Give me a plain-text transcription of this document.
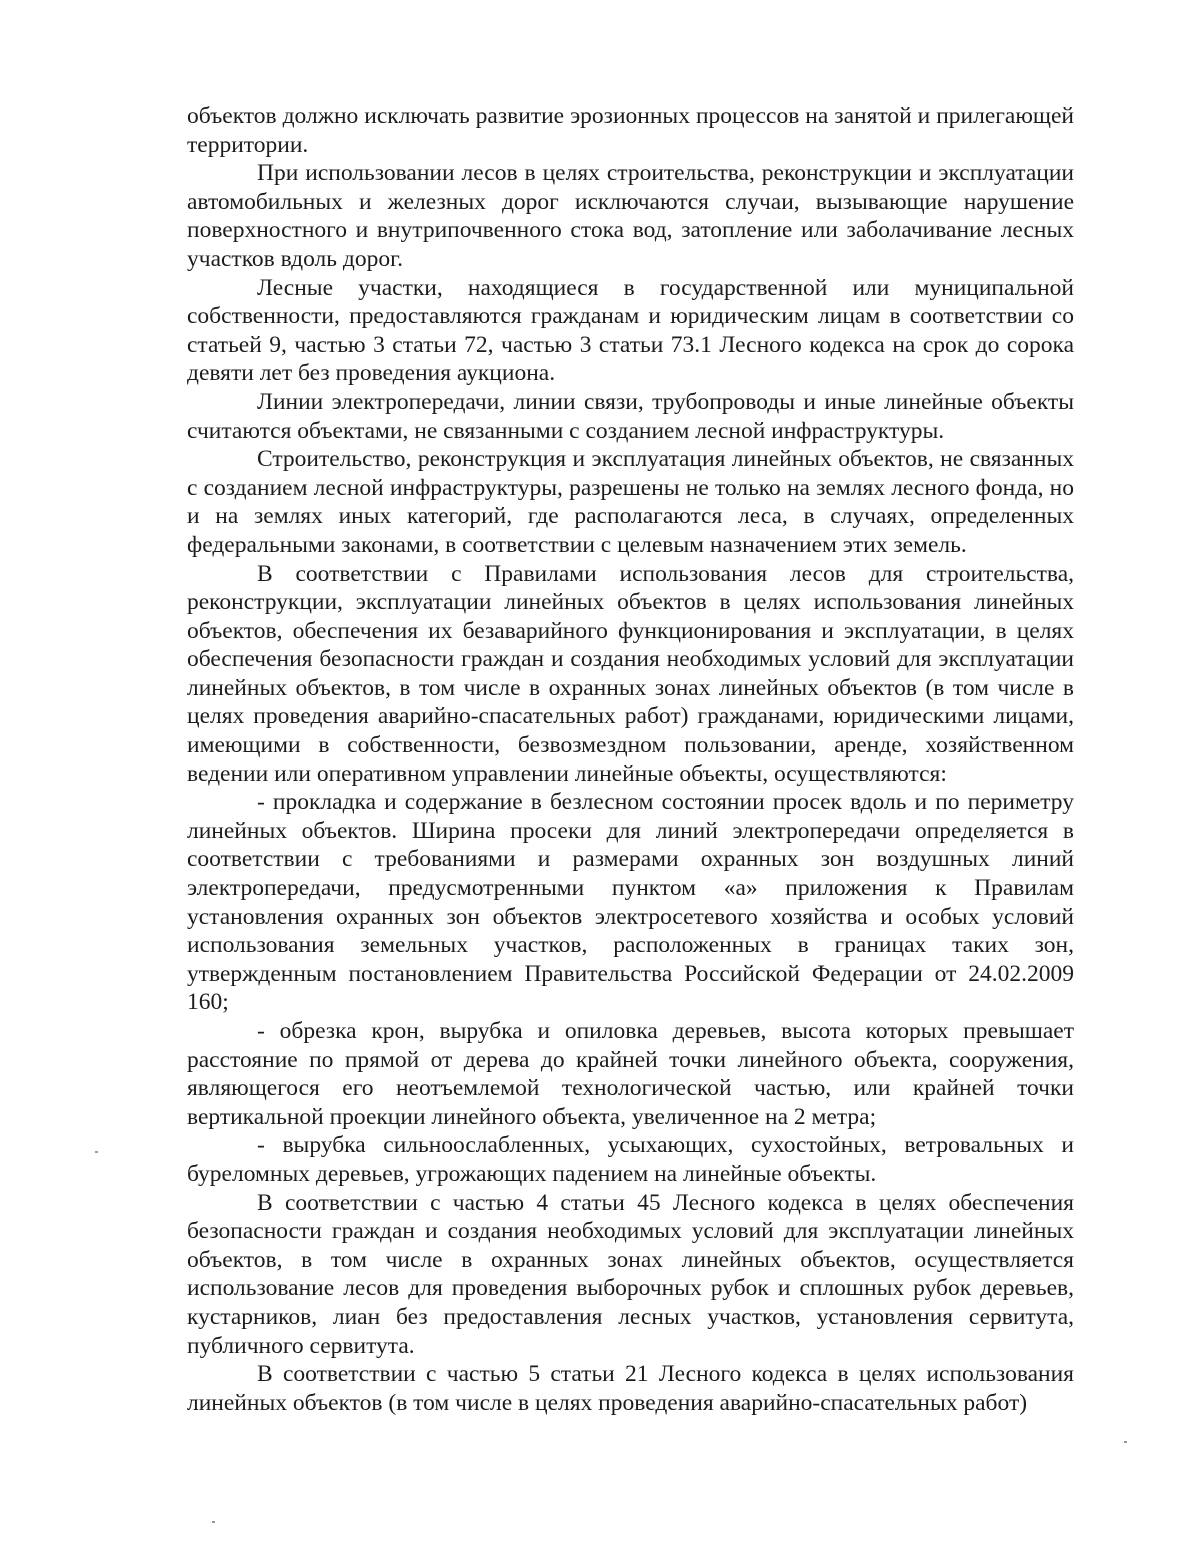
объектов должно исключать развитие эрозионных процессов на занятой и прилегающей территории.

При использовании лесов в целях строительства, реконструкции и эксплуатации автомобильных и железных дорог исключаются случаи, вызывающие нарушение поверхностного и внутрипочвенного стока вод, затопление или заболачивание лесных участков вдоль дорог.

Лесные участки, находящиеся в государственной или муниципальной собственности, предоставляются гражданам и юридическим лицам в соответствии со статьей 9, частью 3 статьи 72, частью 3 статьи 73.1 Лесного кодекса на срок до сорока девяти лет без проведения аукциона.

Линии электропередачи, линии связи, трубопроводы и иные линейные объекты считаются объектами, не связанными с созданием лесной инфраструктуры.

Строительство, реконструкция и эксплуатация линейных объектов, не связанных с созданием лесной инфраструктуры, разрешены не только на землях лесного фонда, но и на землях иных категорий, где располагаются леса, в случаях, определенных федеральными законами, в соответствии с целевым назначением этих земель.

В соответствии с Правилами использования лесов для строительства, реконструкции, эксплуатации линейных объектов в целях использования линейных объектов, обеспечения их безаварийного функционирования и эксплуатации, в целях обеспечения безопасности граждан и создания необходимых условий для эксплуатации линейных объектов, в том числе в охранных зонах линейных объектов (в том числе в целях проведения аварийно-спасательных работ) гражданами, юридическими лицами, имеющими в собственности, безвозмездном пользовании, аренде, хозяйственном ведении или оперативном управлении линейные объекты, осуществляются:

- прокладка и содержание в безлесном состоянии просек вдоль и по периметру линейных объектов. Ширина просеки для линий электропередачи определяется в соответствии с требованиями и размерами охранных зон воздушных линий электропередачи, предусмотренными пунктом «а» приложения к Правилам установления охранных зон объектов электросетевого хозяйства и особых условий использования земельных участков, расположенных в границах таких зон, утвержденным постановлением Правительства Российской Федерации от 24.02.2009 160;

- обрезка крон, вырубка и опиловка деревьев, высота которых превышает расстояние по прямой от дерева до крайней точки линейного объекта, сооружения, являющегося его неотъемлемой технологической частью, или крайней точки вертикальной проекции линейного объекта, увеличенное на 2 метра;

- вырубка сильноослабленных, усыхающих, сухостойных, ветровальных и буреломных деревьев, угрожающих падением на линейные объекты.

В соответствии с частью 4 статьи 45 Лесного кодекса в целях обеспечения безопасности граждан и создания необходимых условий для эксплуатации линейных объектов, в том числе в охранных зонах линейных объектов, осуществляется использование лесов для проведения выборочных рубок и сплошных рубок деревьев, кустарников, лиан без предоставления лесных участков, установления сервитута, публичного сервитута.

В соответствии с частью 5 статьи 21 Лесного кодекса в целях использования линейных объектов (в том числе в целях проведения аварийно-спасательных работ)
